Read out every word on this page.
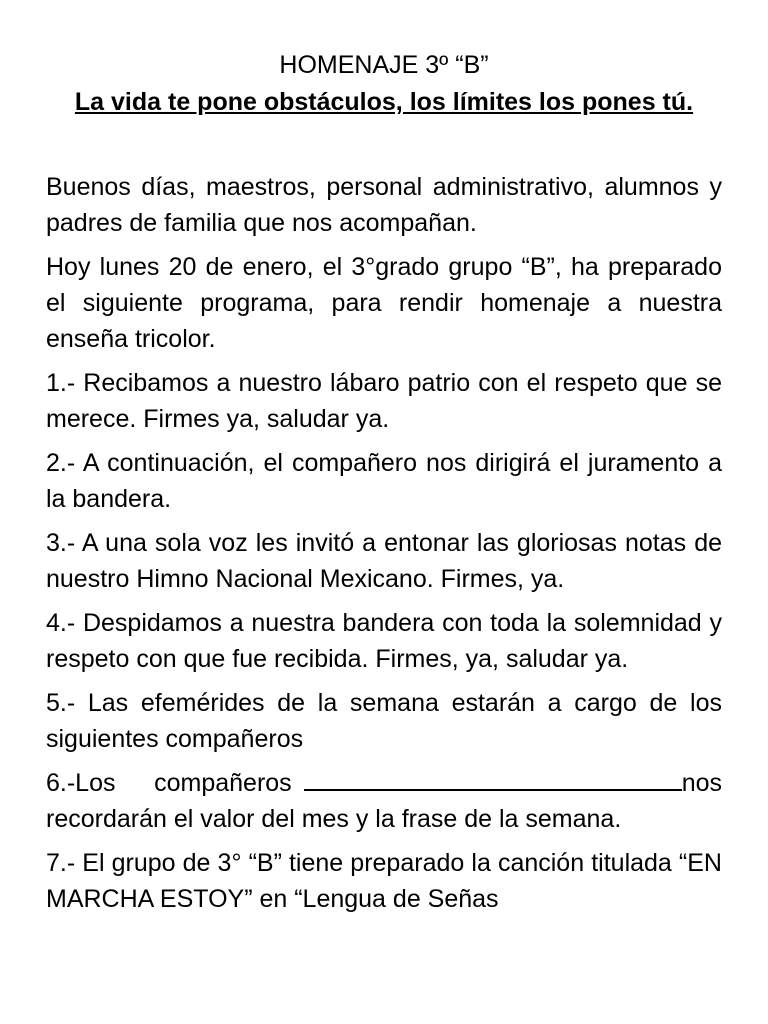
HOMENAJE 3º “B”

La vida te pone obstáculos, los límites los pones tú.

Buenos días, maestros, personal administrativo, alumnos y padres de familia que nos acompañan.

Hoy lunes 20 de enero, el 3°grado grupo “B”, ha preparado el siguiente programa, para rendir homenaje a nuestra enseña tricolor.

1.- Recibamos a nuestro lábaro patrio con el respeto que se merece. Firmes ya, saludar ya.

2.- A continuación, el compañero nos dirigirá el juramento a la bandera.

3.- A una sola voz les invitó a entonar las gloriosas notas de nuestro Himno Nacional Mexicano. Firmes, ya.

4.- Despidamos a nuestra bandera con toda la solemnidad y respeto con que fue recibida. Firmes, ya, saludar ya.

5.- Las efemérides de la semana estarán a cargo de los siguientes compañeros

6.-Los compañeros	nos recordarán el valor del mes y la frase de la semana.

7.- El grupo de 3° “B” tiene preparado la canción titulada “EN MARCHA ESTOY” en “Lengua de Señas
